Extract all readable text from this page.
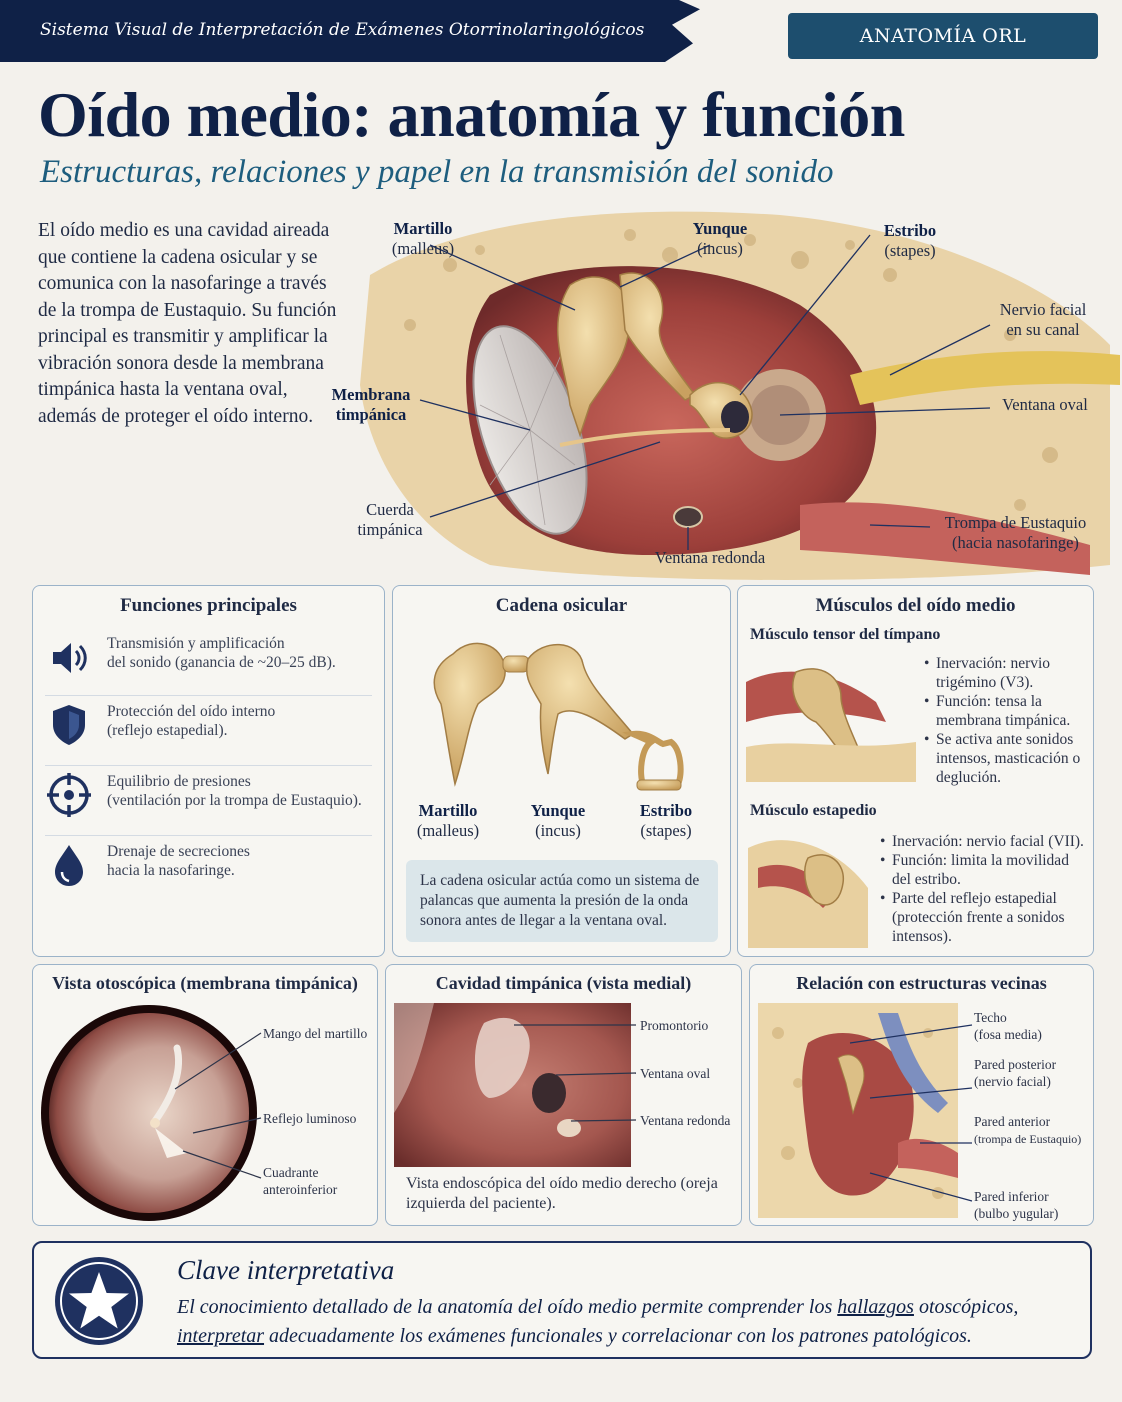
Sistema Visual de Interpretación de Exámenes Otorrinolaringológicos	ANATOMÍA ORL
Oído medio: anatomía y función
Estructuras, relaciones y papel en la transmisión del sonido
El oído medio es una cavidad aireada que contiene la cadena osicular y se comunica con la nasofaringe a través de la trompa de Eustaquio. Su función principal es transmitir y amplificar la vibración sonora desde la membrana timpánica hasta la ventana oval, además de proteger el oído interno.
Martillo
(malleus)
Yunque
(incus)
Estribo
(stapes)
Membrana
timpánica
Cuerda
timpánica
Ventana redonda
Nervio facial
en su canal
Ventana oval
Trompa de Eustaquio
(hacia nasofaringe)
Funciones principales
Transmisión y amplificación
del sonido (ganancia de ~20–25 dB).
Protección del oído interno
(reflejo estapedial).
Equilibrio de presiones
(ventilación por la trompa de Eustaquio).
Drenaje de secreciones
hacia la nasofaringe.
Cadena osicular
Martillo
(malleus)
Yunque
(incus)
Estribo
(stapes)
La cadena osicular actúa como un sistema de palancas que aumenta la presión de la onda sonora antes de llegar a la ventana oval.
Músculos del oído medio
Músculo tensor del tímpano
• Inervación: nervio trigémino (V3).
• Función: tensa la membrana timpánica.
• Se activa ante sonidos intensos, masticación o deglución.
Músculo estapedio
• Inervación: nervio facial (VII).
• Función: limita la movilidad del estribo.
• Parte del reflejo estapedial (protección frente a sonidos intensos).
Vista otoscópica (membrana timpánica)
Mango del martillo
Reflejo luminoso
Cuadrante
anteroinferior
Cavidad timpánica (vista medial)
Promontorio
Ventana oval
Ventana redonda
Vista endoscópica del oído medio derecho (oreja izquierda del paciente).
Relación con estructuras vecinas
Techo
(fosa media)
Pared posterior
(nervio facial)
Pared anterior
(trompa de Eustaquio)
Pared inferior
(bulbo yugular)
Clave interpretativa
El conocimiento detallado de la anatomía del oído medio permite comprender los hallazgos otoscópicos, interpretar adecuadamente los exámenes funcionales y correlacionar con los patrones patológicos.
